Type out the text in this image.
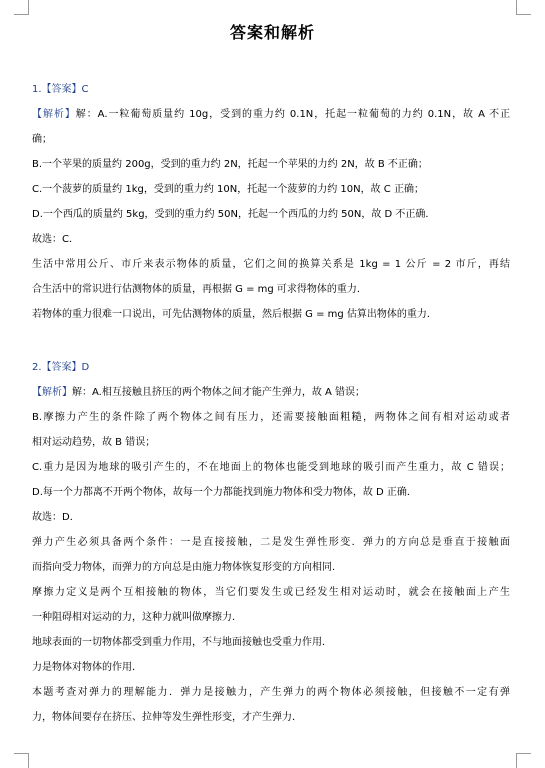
答案和解析
1.【答案】C
【解析】解：A.一粒葡萄质量约 10g，受到的重力约 0.1N，托起一粒葡萄的力约 0.1N，故 A 不正
确；
B.一个苹果的质量约 200g，受到的重力约 2N，托起一个苹果的力约 2N，故 B 不正确；
C.一个菠萝的质量约 1kg，受到的重力约 10N，托起一个菠萝的力约 10N，故 C 正确；
D.一个西瓜的质量约 5kg，受到的重力约 50N，托起一个西瓜的力约 50N，故 D 不正确．
故选：C．
生活中常用公斤、市斤来表示物体的质量，它们之间的换算关系是 1kg = 1 公斤 = 2 市斤，再结
合生活中的常识进行估测物体的质量，再根据 G = mg 可求得物体的重力．
若物体的重力很难一口说出，可先估测物体的质量，然后根据 G = mg 估算出物体的重力．
2.【答案】D
【解析】解：A.相互接触且挤压的两个物体之间才能产生弹力，故 A 错误；
B.摩擦力产生的条件除了两个物体之间有压力，还需要接触面粗糙，两物体之间有相对运动或者
相对运动趋势，故 B 错误；
C.重力是因为地球的吸引产生的，不在地面上的物体也能受到地球的吸引而产生重力，故 C 错误；
D.每一个力都离不开两个物体，故每一个力都能找到施力物体和受力物体，故 D 正确．
故选：D．
弹力产生必须具备两个条件：一是直接接触，二是发生弹性形变．弹力的方向总是垂直于接触面
而指向受力物体，而弹力的方向总是由施力物体恢复形变的方向相同．
摩擦力定义是两个互相接触的物体，当它们要发生或已经发生相对运动时，就会在接触面上产生
一种阻碍相对运动的力，这种力就叫做摩擦力．
地球表面的一切物体都受到重力作用，不与地面接触也受重力作用．
力是物体对物体的作用．
本题考查对弹力的理解能力．弹力是接触力，产生弹力的两个物体必须接触，但接触不一定有弹
力，物体间要存在挤压、拉伸等发生弹性形变，才产生弹力．
